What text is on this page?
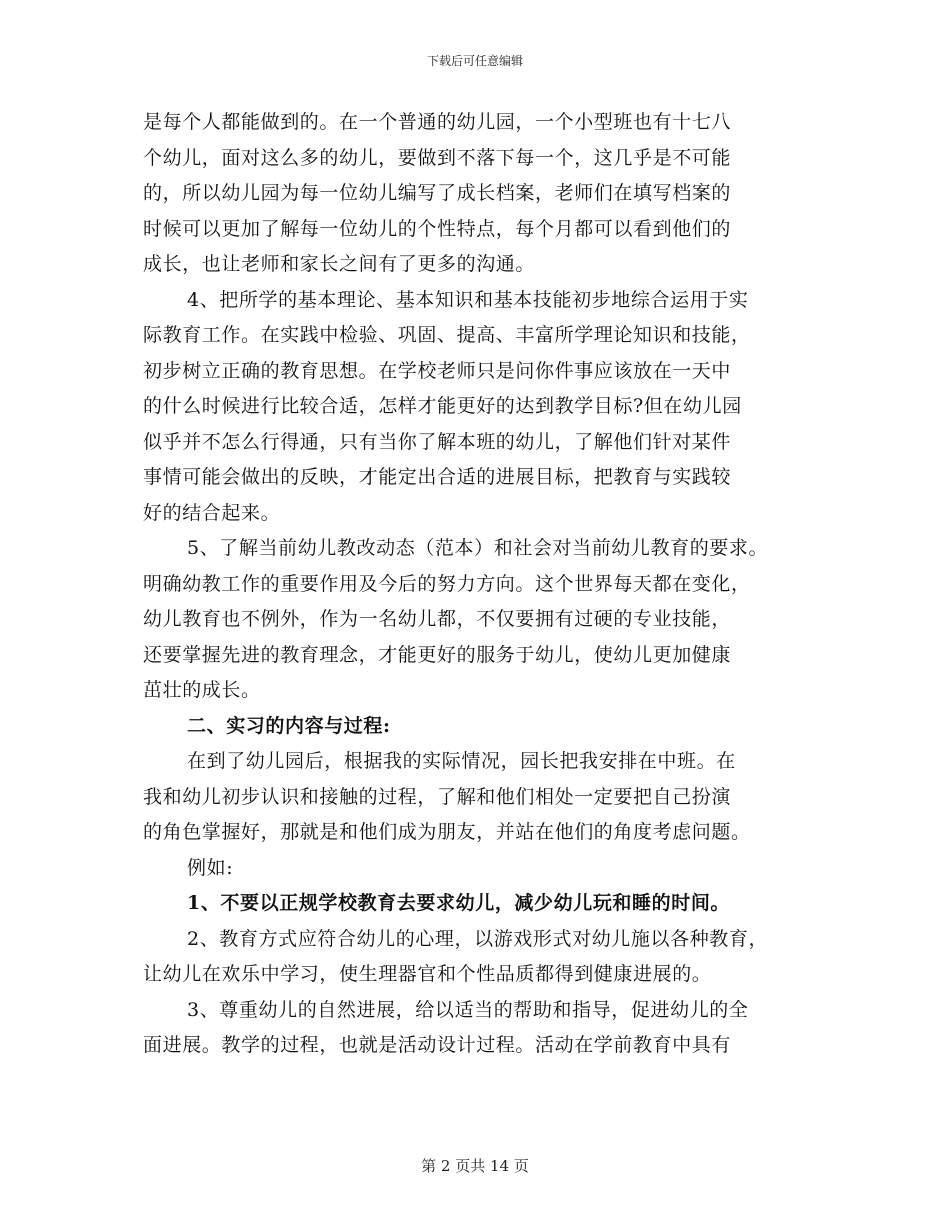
下载后可任意编辑
是每个人都能做到的。在一个普通的幼儿园，一个小型班也有十七八
个幼儿，面对这么多的幼儿，要做到不落下每一个，这几乎是不可能
的，所以幼儿园为每一位幼儿编写了成长档案，老师们在填写档案的
时候可以更加了解每一位幼儿的个性特点，每个月都可以看到他们的
成长，也让老师和家长之间有了更多的沟通。
4、把所学的基本理论、基本知识和基本技能初步地综合运用于实
际教育工作。在实践中检验、巩固、提高、丰富所学理论知识和技能，
初步树立正确的教育思想。在学校老师只是问你件事应该放在一天中
的什么时候进行比较合适，怎样才能更好的达到教学目标?但在幼儿园
似乎并不怎么行得通，只有当你了解本班的幼儿，了解他们针对某件
事情可能会做出的反映，才能定出合适的进展目标，把教育与实践较
好的结合起来。
5、了解当前幼儿教改动态（范本）和社会对当前幼儿教育的要求。
明确幼教工作的重要作用及今后的努力方向。这个世界每天都在变化，
幼儿教育也不例外，作为一名幼儿都，不仅要拥有过硬的专业技能，
还要掌握先进的教育理念，才能更好的服务于幼儿，使幼儿更加健康
茁壮的成长。
二、实习的内容与过程:
在到了幼儿园后，根据我的实际情况，园长把我安排在中班。在
我和幼儿初步认识和接触的过程，了解和他们相处一定要把自己扮演
的角色掌握好，那就是和他们成为朋友，并站在他们的角度考虑问题。
例如:
1、不要以正规学校教育去要求幼儿，减少幼儿玩和睡的时间。
2、教育方式应符合幼儿的心理，以游戏形式对幼儿施以各种教育，
让幼儿在欢乐中学习，使生理器官和个性品质都得到健康进展的。
3、尊重幼儿的自然进展，给以适当的帮助和指导，促进幼儿的全
面进展。教学的过程，也就是活动设计过程。活动在学前教育中具有
第 2 页共 14 页
